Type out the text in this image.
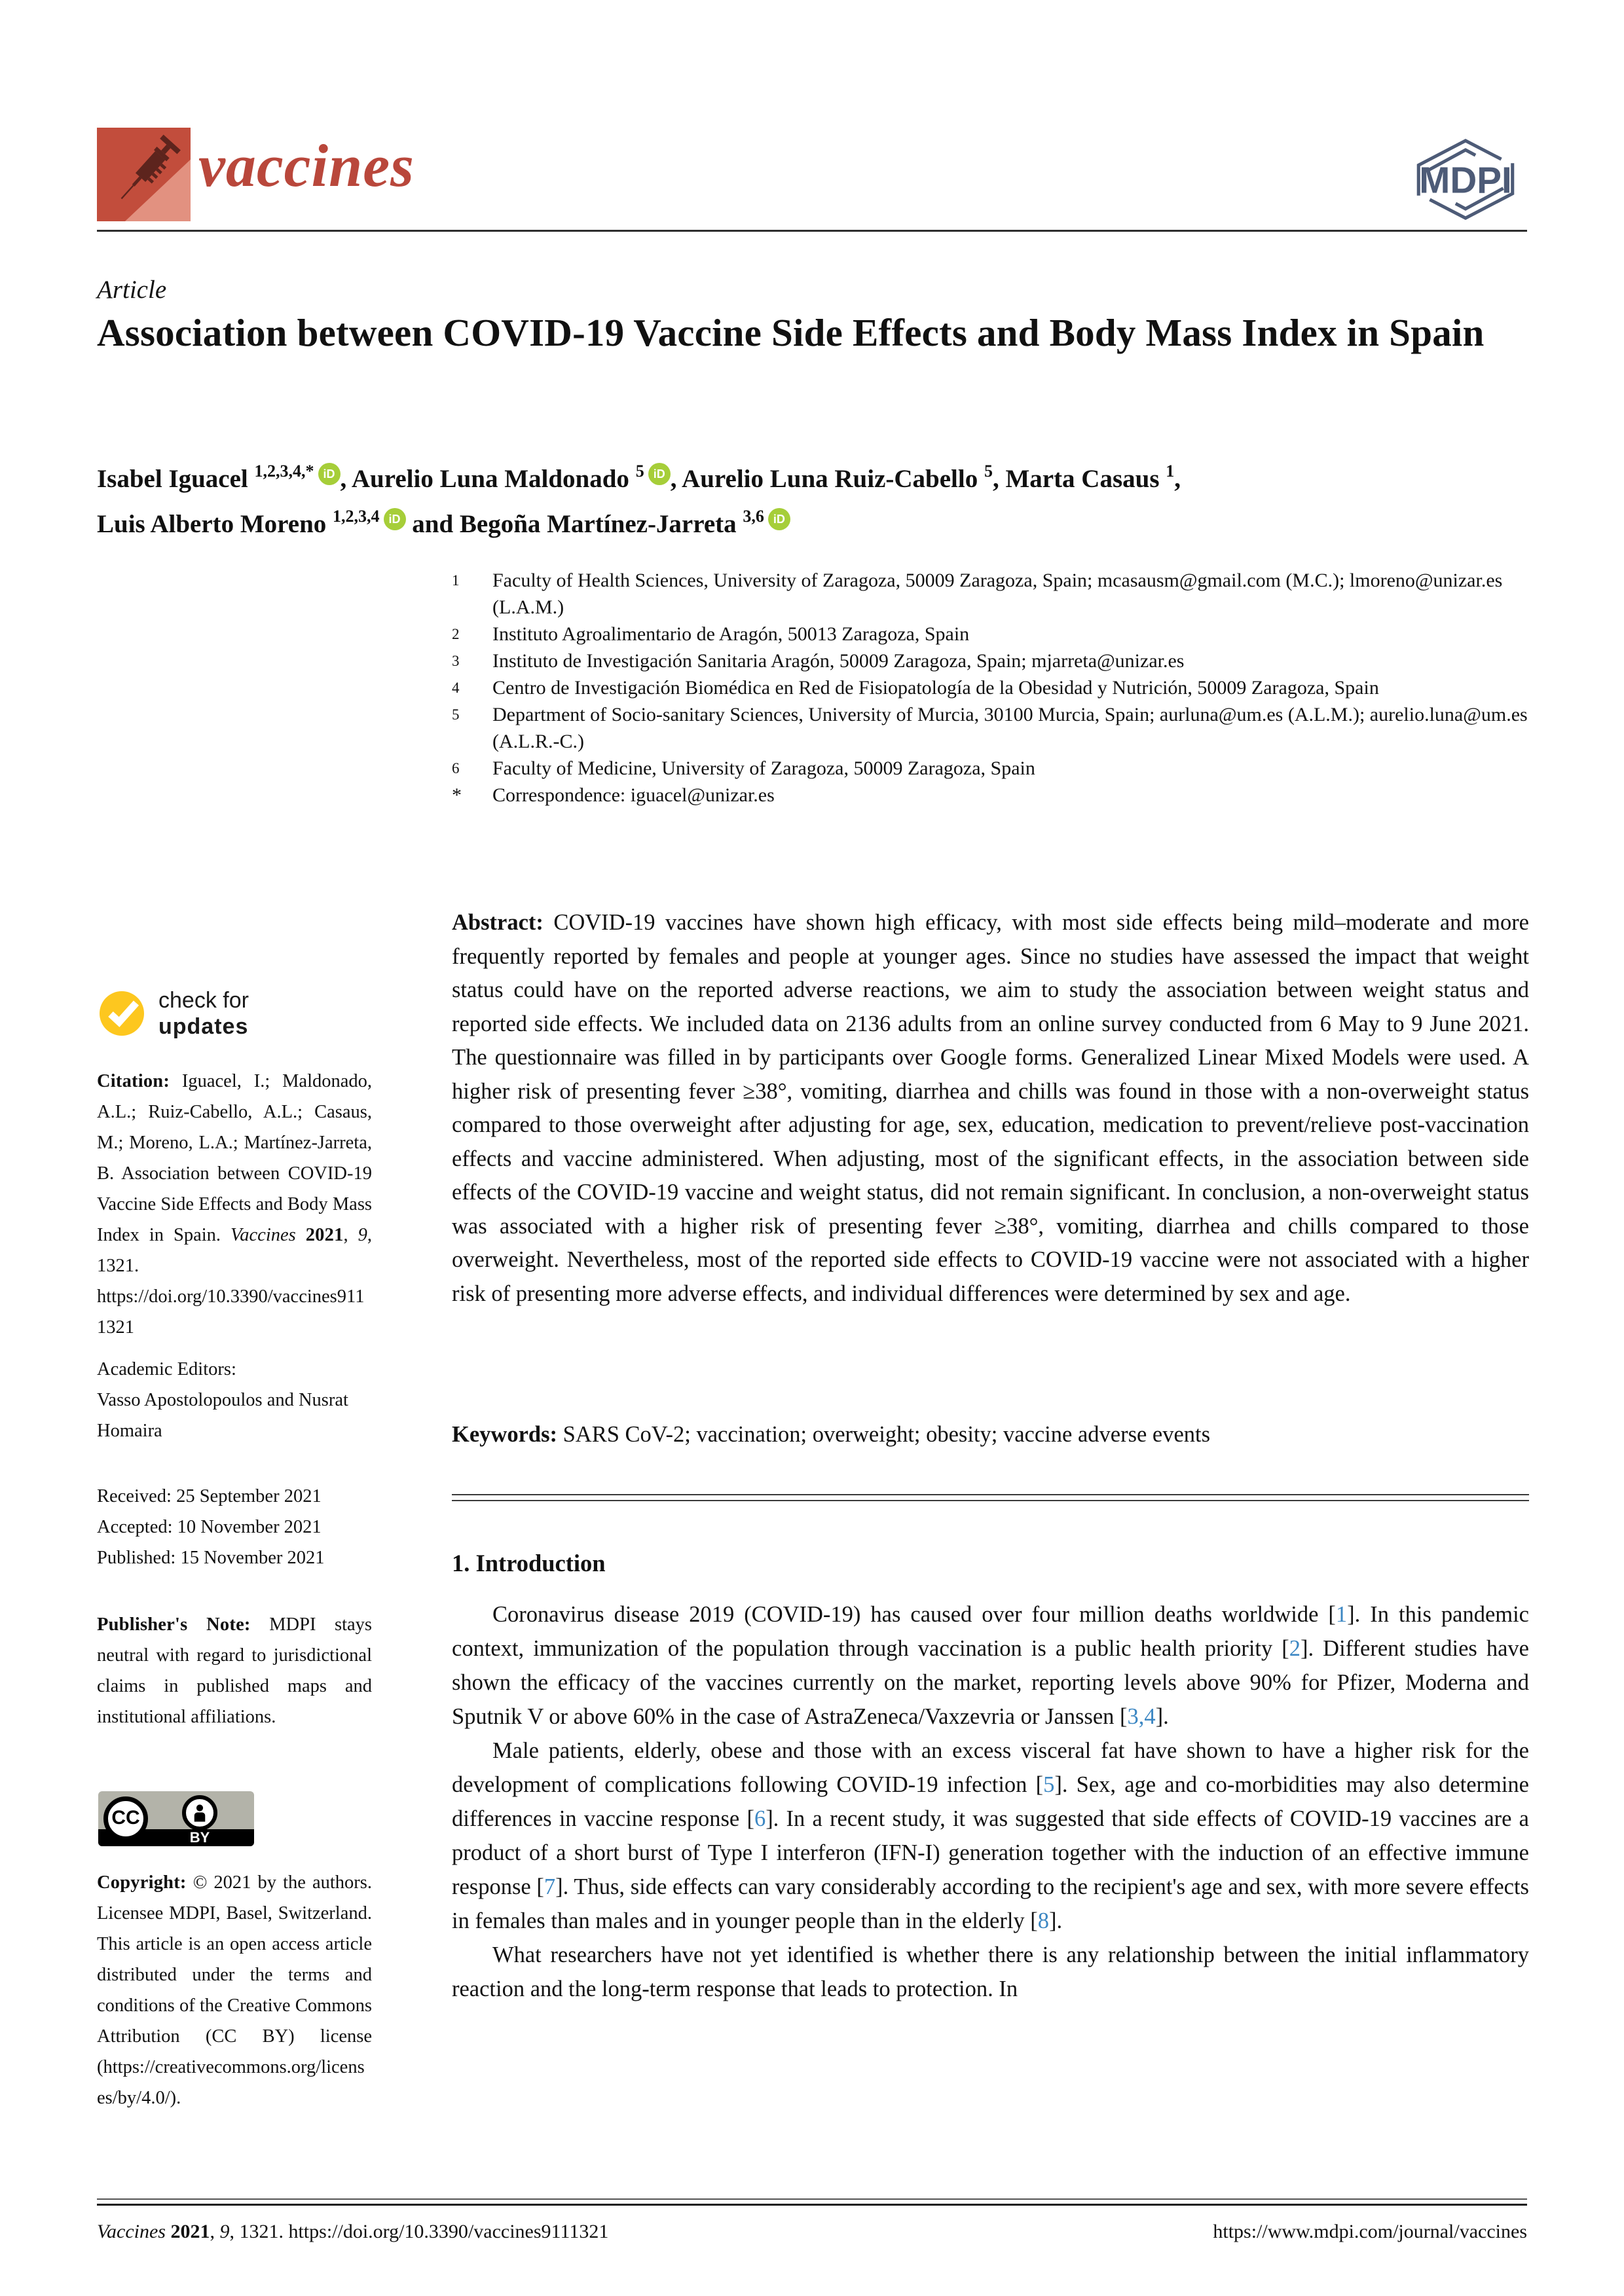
vaccines	MDPI
Article
Association between COVID-19 Vaccine Side Effects and Body Mass Index in Spain
Isabel Iguacel $^{1,2,3,4,*}$ iD , Aurelio Luna Maldonado $^5$ iD , Aurelio Luna Ruiz-Cabello $^5$, Marta Casaus $^1$,
Luis Alberto Moreno $^{1,2,3,4}$ iD and Begoña Martínez-Jarreta $^{3,6}$ iD
1	Faculty of Health Sciences, University of Zaragoza, 50009 Zaragoza, Spain; mcasausm@gmail.com (M.C.); lmoreno@unizar.es (L.A.M.)
2	Instituto Agroalimentario de Aragón, 50013 Zaragoza, Spain
3	Instituto de Investigación Sanitaria Aragón, 50009 Zaragoza, Spain; mjarreta@unizar.es
4	Centro de Investigación Biomédica en Red de Fisiopatología de la Obesidad y Nutrición, 50009 Zaragoza, Spain
5	Department of Socio-sanitary Sciences, University of Murcia, 30100 Murcia, Spain; aurluna@um.es (A.L.M.); aurelio.luna@um.es (A.L.R.-C.)
6	Faculty of Medicine, University of Zaragoza, 50009 Zaragoza, Spain
*	Correspondence: iguacel@unizar.es
Abstract: COVID-19 vaccines have shown high efficacy, with most side effects being mild–moderate and more frequently reported by females and people at younger ages. Since no studies have assessed the impact that weight status could have on the reported adverse reactions, we aim to study the association between weight status and reported side effects. We included data on 2136 adults from an online survey conducted from 6 May to 9 June 2021. The questionnaire was filled in by participants over Google forms. Generalized Linear Mixed Models were used. A higher risk of presenting fever ≥38°, vomiting, diarrhea and chills was found in those with a non-overweight status compared to those overweight after adjusting for age, sex, education, medication to prevent/relieve post-vaccination effects and vaccine administered. When adjusting, most of the significant effects, in the association between side effects of the COVID-19 vaccine and weight status, did not remain significant. In conclusion, a non-overweight status was associated with a higher risk of presenting fever ≥38°, vomiting, diarrhea and chills compared to those overweight. Nevertheless, most of the reported side effects to COVID-19 vaccine were not associated with a higher risk of presenting more adverse effects, and individual differences were determined by sex and age.
Keywords: SARS CoV-2; vaccination; overweight; obesity; vaccine adverse events
1. Introduction

Coronavirus disease 2019 (COVID-19) has caused over four million deaths worldwide [1]. In this pandemic context, immunization of the population through vaccination is a public health priority [2]. Different studies have shown the efficacy of the vaccines currently on the market, reporting levels above 90% for Pfizer, Moderna and Sputnik V or above 60% in the case of AstraZeneca/Vaxzevria or Janssen [3,4].

Male patients, elderly, obese and those with an excess visceral fat have shown to have a higher risk for the development of complications following COVID-19 infection [5]. Sex, age and co-morbidities may also determine differences in vaccine response [6]. In a recent study, it was suggested that side effects of COVID-19 vaccines are a product of a short burst of Type I interferon (IFN-I) generation together with the induction of an effective immune response [7]. Thus, side effects can vary considerably according to the recipient's age and sex, with more severe effects in females than males and in younger people than in the elderly [8].

What researchers have not yet identified is whether there is any relationship between the initial inflammatory reaction and the long-term response that leads to protection. In

check for
updates
Citation: Iguacel, I.; Maldonado, A.L.; Ruiz-Cabello, A.L.; Casaus, M.; Moreno, L.A.; Martínez-Jarreta, B. Association between COVID-19 Vaccine Side Effects and Body Mass Index in Spain. Vaccines 2021, 9, 1321. https://doi.org/10.3390/vaccines9111321
Academic Editors:
Vasso Apostolopoulos and Nusrat Homaira
Received: 25 September 2021
Accepted: 10 November 2021
Published: 15 November 2021
Publisher's Note: MDPI stays neutral with regard to jurisdictional claims in published maps and institutional affiliations.
CC
BY
Copyright: © 2021 by the authors. Licensee MDPI, Basel, Switzerland. This article is an open access article distributed under the terms and conditions of the Creative Commons Attribution (CC BY) license (https://creativecommons.org/licenses/by/4.0/).
Vaccines 2021, 9, 1321. https://doi.org/10.3390/vaccines9111321	https://www.mdpi.com/journal/vaccines
